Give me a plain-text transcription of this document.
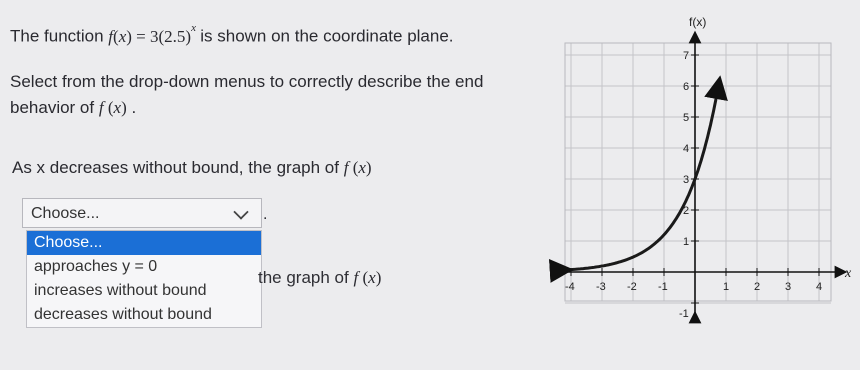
The function $f(x) = 3(2.5)^x$ is shown on the coordinate plane.
Select from the drop-down menus to correctly describe the end
behavior of f (x) .
As x decreases without bound, the graph of f (x)
Choose...	.
Choose...
approaches y = 0
increases without bound
decreases without bound
the graph of f (x)	-4 -3 -2 -1	1 2 3 4
-1
1
2
3
4
5
6
7
f(x)
x
